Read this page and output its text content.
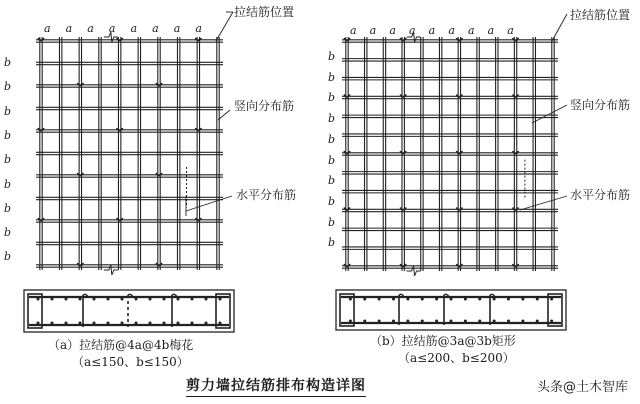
a a a a a a a a
b
b
b
b
b
b
b
b
b
a a a a a a a a a
b
b
b
b
b
b
b
b
b
b
拉结筋位置
竖向分布筋
水平分布筋
拉结筋位置
竖向分布筋
水平分布筋
（a）拉结筋@4a@4b梅花
（a≤150、b≤150）
（b）拉结筋@3a@3b矩形
（a≤200、b≤200）
剪力墙拉结筋排布构造详图	头条@土木智库
